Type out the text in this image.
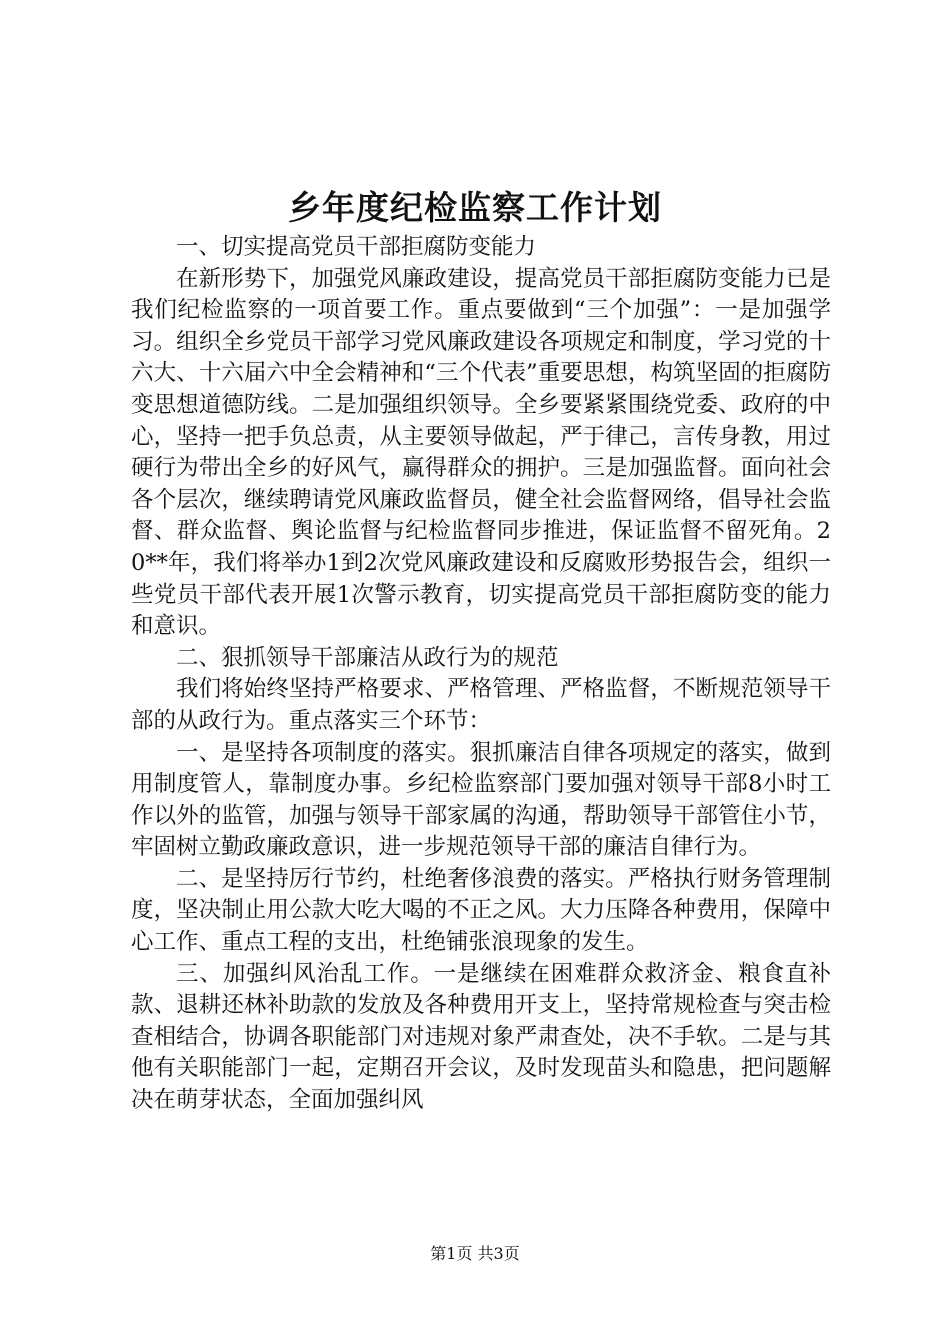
乡年度纪检监察工作计划

一、切实提高党员干部拒腐防变能力

在新形势下，加强党风廉政建设，提高党员干部拒腐防变能力已是我们纪检监察的一项首要工作。重点要做到“三个加强”：一是加强学习。组织全乡党员干部学习党风廉政建设各项规定和制度，学习党的十六大、十六届六中全会精神和“三个代表”重要思想，构筑坚固的拒腐防变思想道德防线。二是加强组织领导。全乡要紧紧围绕党委、政府的中心，坚持一把手负总责，从主要领导做起，严于律己，言传身教，用过硬行为带出全乡的好风气，赢得群众的拥护。三是加强监督。面向社会各个层次，继续聘请党风廉政监督员，健全社会监督网络，倡导社会监督、群众监督、舆论监督与纪检监督同步推进，保证监督不留死角。20**年，我们将举办1到2次党风廉政建设和反腐败形势报告会，组织一些党员干部代表开展1次警示教育，切实提高党员干部拒腐防变的能力和意识。

二、狠抓领导干部廉洁从政行为的规范

我们将始终坚持严格要求、严格管理、严格监督，不断规范领导干部的从政行为。重点落实三个环节：

一、是坚持各项制度的落实。狠抓廉洁自律各项规定的落实，做到用制度管人，靠制度办事。乡纪检监察部门要加强对领导干部8小时工作以外的监管，加强与领导干部家属的沟通，帮助领导干部管住小节，牢固树立勤政廉政意识，进一步规范领导干部的廉洁自律行为。

二、是坚持厉行节约，杜绝奢侈浪费的落实。严格执行财务管理制度，坚决制止用公款大吃大喝的不正之风。大力压降各种费用，保障中心工作、重点工程的支出，杜绝铺张浪现象的发生。

三、加强纠风治乱工作。一是继续在困难群众救济金、粮食直补款、退耕还林补助款的发放及各种费用开支上，坚持常规检查与突击检查相结合，协调各职能部门对违规对象严肃查处，决不手软。二是与其他有关职能部门一起，定期召开会议，及时发现苗头和隐患，把问题解决在萌芽状态，全面加强纠风

第1页 共3页
